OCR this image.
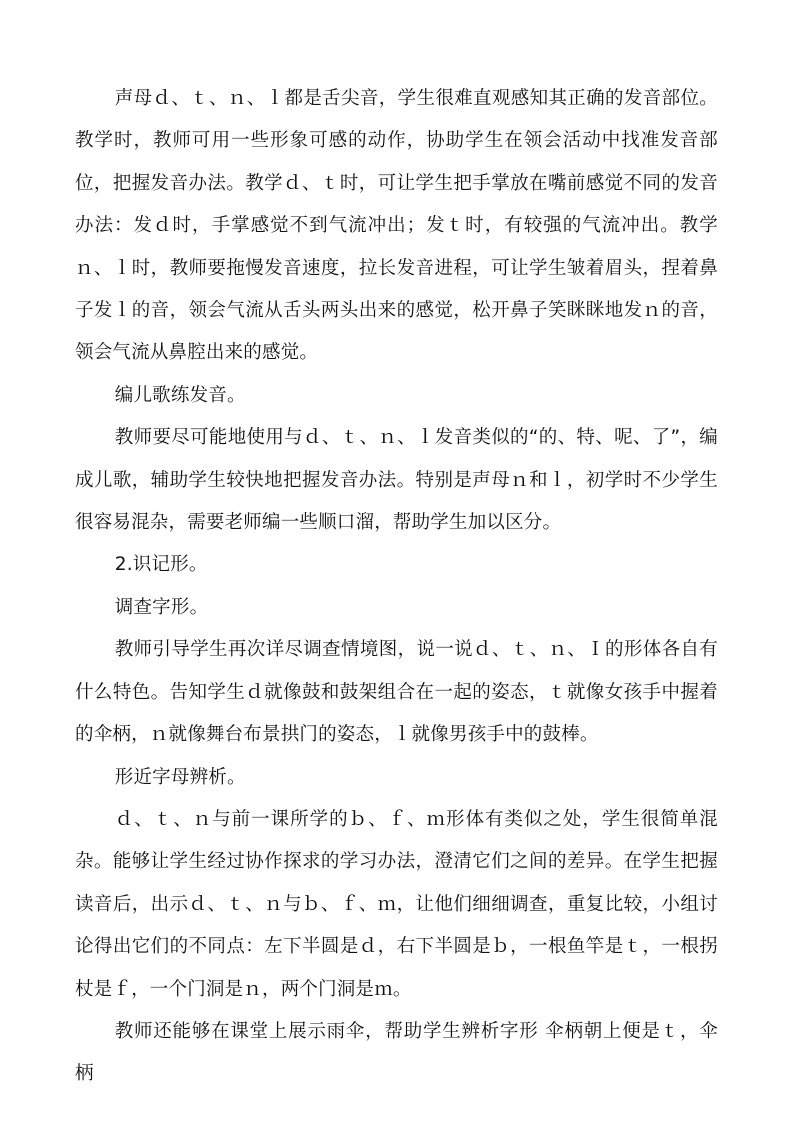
声母ｄ、ｔ、ｎ、ｌ都是舌尖音，学生很难直观感知其正确的发音部位。教学时，教师可用一些形象可感的动作，协助学生在领会活动中找准发音部位，把握发音办法。教学ｄ、ｔ时，可让学生把手掌放在嘴前感觉不同的发音办法：发ｄ时，手掌感觉不到气流冲出；发ｔ时，有较强的气流冲出。教学ｎ、ｌ时，教师要拖慢发音速度，拉长发音进程，可让学生皱着眉头，捏着鼻子发ｌ的音，领会气流从舌头两头出来的感觉，松开鼻子笑眯眯地发ｎ的音，领会气流从鼻腔出来的感觉。

编儿歌练发音。

教师要尽可能地使用与ｄ、ｔ、ｎ、ｌ发音类似的“的、特、呢、了”，编成儿歌，辅助学生较快地把握发音办法。特别是声母ｎ和ｌ，初学时不少学生很容易混杂，需要老师编一些顺口溜，帮助学生加以区分。

2.识记形。

调查字形。

教师引导学生再次详尽调查情境图，说一说ｄ、ｔ、ｎ、Ｉ的形体各自有什么特色。告知学生ｄ就像鼓和鼓架组合在一起的姿态，ｔ就像女孩手中握着的伞柄，ｎ就像舞台布景拱门的姿态，ｌ就像男孩手中的鼓棒。

形近字母辨析。

ｄ、ｔ、ｎ与前一课所学的ｂ、ｆ、ｍ形体有类似之处，学生很简单混杂。能够让学生经过协作探求的学习办法，澄清它们之间的差异。在学生把握读音后，出示ｄ、ｔ、ｎ与ｂ、ｆ、ｍ，让他们细细调查，重复比较，小组讨论得出它们的不同点：左下半圆是ｄ，右下半圆是ｂ，一根鱼竿是ｔ，一根拐杖是ｆ，一个门洞是ｎ，两个门洞是ｍ。

教师还能够在课堂上展示雨伞，帮助学生辨析字形 伞柄朝上便是ｔ，伞柄
